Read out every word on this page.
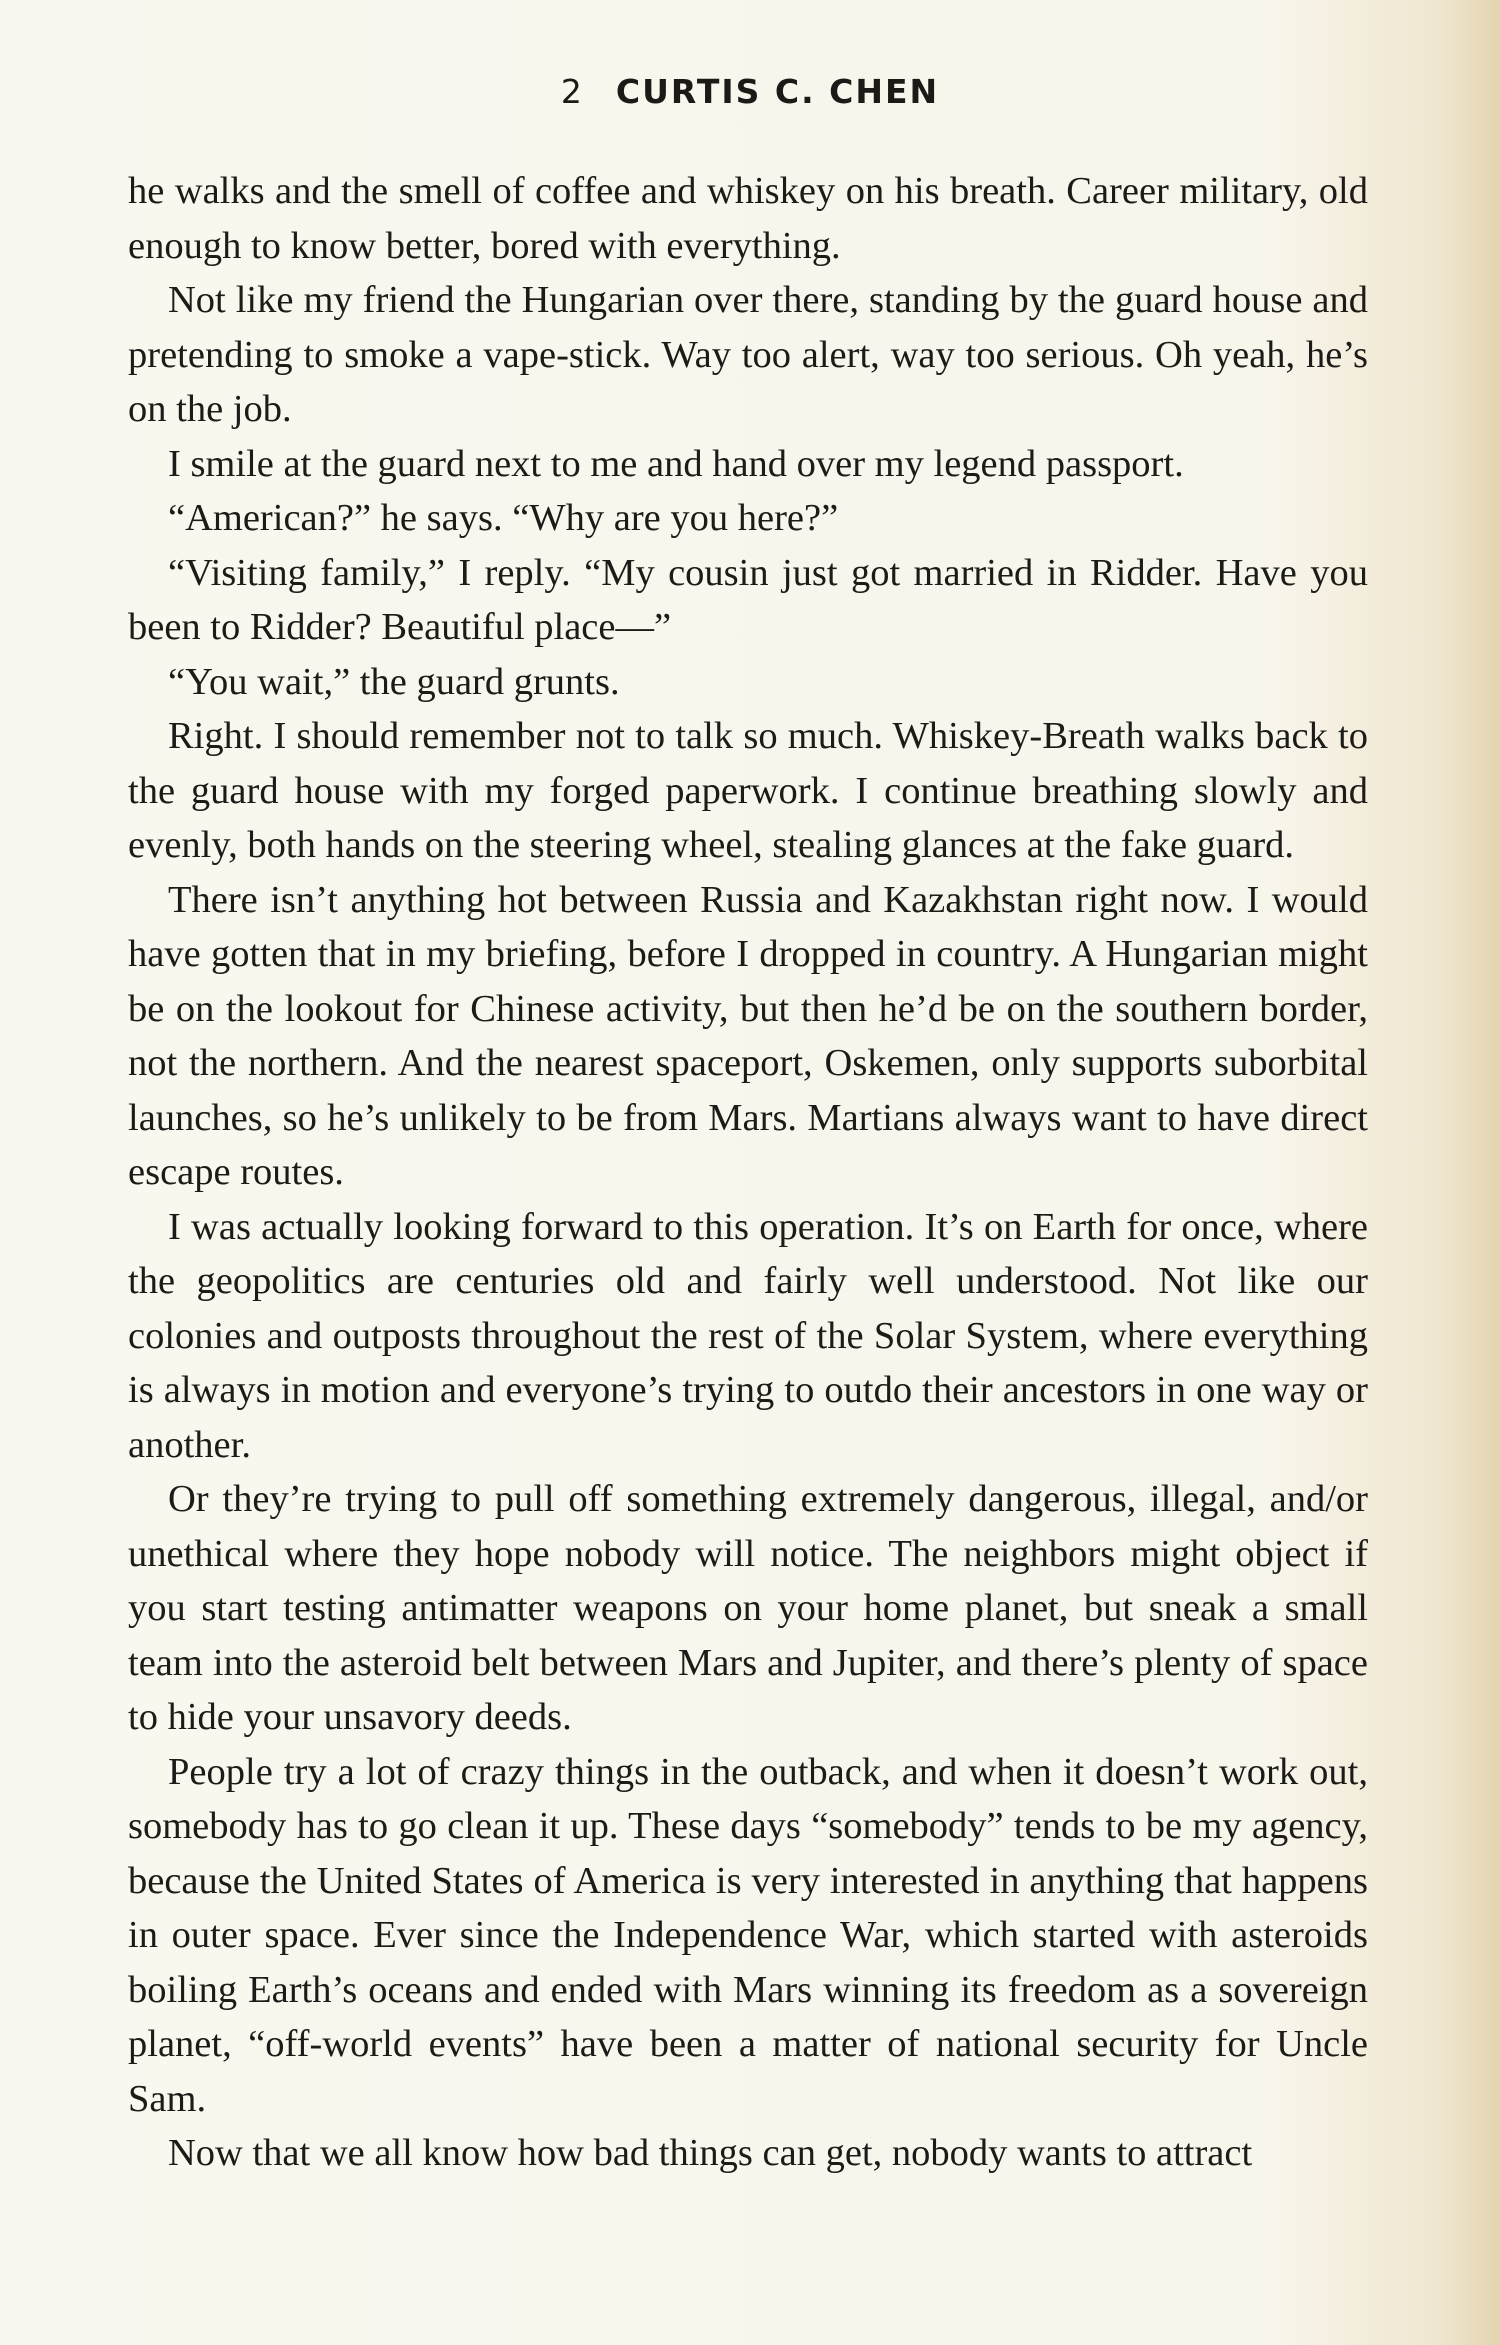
2 CURTIS C. CHEN

he walks and the smell of coffee and whiskey on his breath. Career military, old enough to know better, bored with everything.

Not like my friend the Hungarian over there, standing by the guard house and pretending to smoke a vape-stick. Way too alert, way too serious. Oh yeah, he’s on the job.

I smile at the guard next to me and hand over my legend passport.

“American?” he says. “Why are you here?”

“Visiting family,” I reply. “My cousin just got married in Ridder. Have you been to Ridder? Beautiful place—”

“You wait,” the guard grunts.

Right. I should remember not to talk so much. Whiskey-Breath walks back to the guard house with my forged paperwork. I continue breathing slowly and evenly, both hands on the steering wheel, stealing glances at the fake guard.

There isn’t anything hot between Russia and Kazakhstan right now. I would have gotten that in my briefing, before I dropped in country. A Hungarian might be on the lookout for Chinese activity, but then he’d be on the southern border, not the northern. And the nearest spaceport, Oskemen, only supports suborbital launches, so he’s unlikely to be from Mars. Martians always want to have direct escape routes.

I was actually looking forward to this operation. It’s on Earth for once, where the geopolitics are centuries old and fairly well understood. Not like our colonies and outposts throughout the rest of the Solar System, where everything is always in motion and everyone’s trying to outdo their ancestors in one way or another.

Or they’re trying to pull off something extremely dangerous, illegal, and/or unethical where they hope nobody will notice. The neighbors might object if you start testing antimatter weapons on your home planet, but sneak a small team into the asteroid belt between Mars and Jupiter, and there’s plenty of space to hide your unsavory deeds.

People try a lot of crazy things in the outback, and when it doesn’t work out, somebody has to go clean it up. These days “somebody” tends to be my agency, because the United States of America is very interested in anything that happens in outer space. Ever since the Independence War, which started with asteroids boiling Earth’s oceans and ended with Mars winning its freedom as a sovereign planet, “off-world events” have been a matter of national security for Uncle Sam.

Now that we all know how bad things can get, nobody wants to attract
